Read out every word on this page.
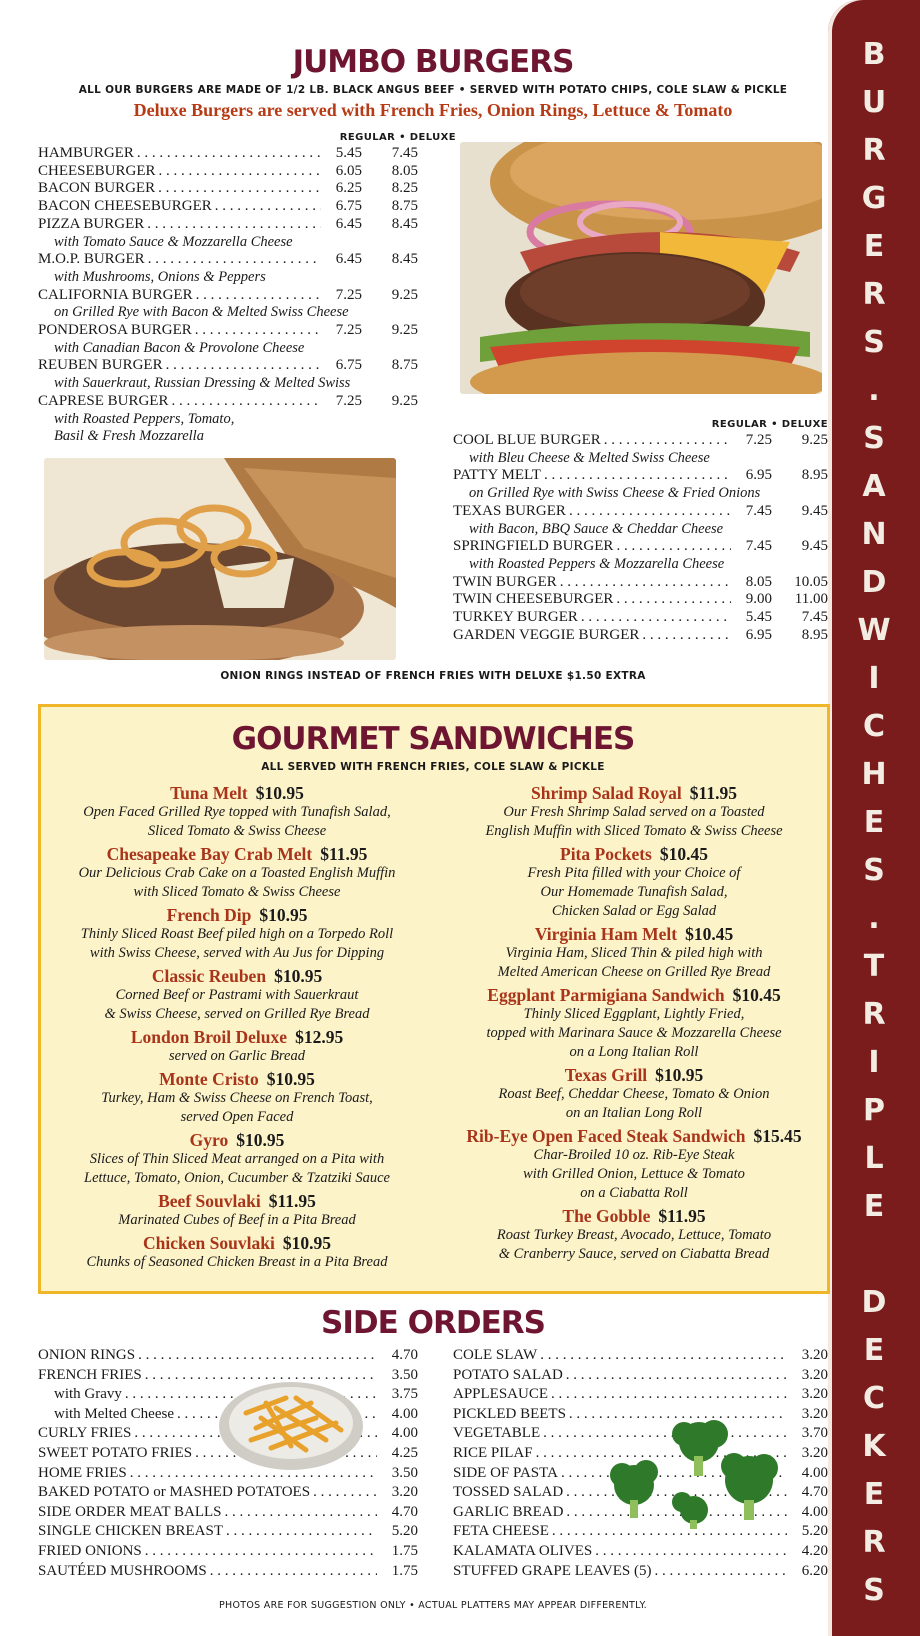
B
U
R
G
E
R
S
.
S
A
N
D
W
I
C
H
E
S
.
T
R
I
P
L
E

D
E
C
K
E
R
S
JUMBO BURGERS
ALL OUR BURGERS ARE MADE OF 1/2 LB. BLACK ANGUS BEEF • SERVED WITH POTATO CHIPS, COLE SLAW & PICKLE
Deluxe Burgers are served with French Fries, Onion Rings, Lettuce & Tomato
REGULAR • DELUXE
HAMBURGER . . .	5.45	7.45
CHEESEBURGER . . .	6.05	8.05
BACON BURGER . . .	6.25	8.25
BACON CHEESEBURGER . . .	6.75	8.75
PIZZA BURGER . . .	6.45	8.45
with Tomato Sauce & Mozzarella Cheese
M.O.P. BURGER . . .	6.45	8.45
with Mushrooms, Onions & Peppers
CALIFORNIA BURGER . . .	7.25	9.25
on Grilled Rye with Bacon & Melted Swiss Cheese
PONDEROSA BURGER . . .	7.25	9.25
with Canadian Bacon & Provolone Cheese
REUBEN BURGER . . .	6.75	8.75
with Sauerkraut, Russian Dressing & Melted Swiss
CAPRESE BURGER . . .	7.25	9.25
with Roasted Peppers, Tomato,
Basil & Fresh Mozzarella
REGULAR • DELUXE
COOL BLUE BURGER . . .	7.25	9.25
with Bleu Cheese & Melted Swiss Cheese
PATTY MELT . . .	6.95	8.95
on Grilled Rye with Swiss Cheese & Fried Onions
TEXAS BURGER . . .	7.45	9.45
with Bacon, BBQ Sauce & Cheddar Cheese
SPRINGFIELD BURGER . . .	7.45	9.45
with Roasted Peppers & Mozzarella Cheese
TWIN BURGER . . .	8.05	10.05
TWIN CHEESEBURGER . . .	9.00	11.00
TURKEY BURGER . . .	5.45	7.45
GARDEN VEGGIE BURGER . . .	6.95	8.95
ONION RINGS INSTEAD OF FRENCH FRIES WITH DELUXE $1.50 EXTRA
GOURMET SANDWICHES
ALL SERVED WITH FRENCH FRIES, COLE SLAW & PICKLE
Tuna Melt $10.95
Open Faced Grilled Rye topped with Tunafish Salad,
Sliced Tomato & Swiss Cheese
Chesapeake Bay Crab Melt $11.95
Our Delicious Crab Cake on a Toasted English Muffin
with Sliced Tomato & Swiss Cheese
French Dip $10.95
Thinly Sliced Roast Beef piled high on a Torpedo Roll
with Swiss Cheese, served with Au Jus for Dipping
Classic Reuben $10.95
Corned Beef or Pastrami with Sauerkraut
& Swiss Cheese, served on Grilled Rye Bread
London Broil Deluxe $12.95
served on Garlic Bread
Monte Cristo $10.95
Turkey, Ham & Swiss Cheese on French Toast,
served Open Faced
Gyro $10.95
Slices of Thin Sliced Meat arranged on a Pita with
Lettuce, Tomato, Onion, Cucumber & Tzatziki Sauce
Beef Souvlaki $11.95
Marinated Cubes of Beef in a Pita Bread
Chicken Souvlaki $10.95
Chunks of Seasoned Chicken Breast in a Pita Bread
Shrimp Salad Royal $11.95
Our Fresh Shrimp Salad served on a Toasted
English Muffin with Sliced Tomato & Swiss Cheese
Pita Pockets $10.45
Fresh Pita filled with your Choice of
Our Homemade Tunafish Salad,
Chicken Salad or Egg Salad
Virginia Ham Melt $10.45
Virginia Ham, Sliced Thin & piled high with
Melted American Cheese on Grilled Rye Bread
Eggplant Parmigiana Sandwich $10.45
Thinly Sliced Eggplant, Lightly Fried,
topped with Marinara Sauce & Mozzarella Cheese
on a Long Italian Roll
Texas Grill $10.95
Roast Beef, Cheddar Cheese, Tomato & Onion
on an Italian Long Roll
Rib-Eye Open Faced Steak Sandwich $15.45
Char-Broiled 10 oz. Rib-Eye Steak
with Grilled Onion, Lettuce & Tomato
on a Ciabatta Roll
The Gobble $11.95
Roast Turkey Breast, Avocado, Lettuce, Tomato
& Cranberry Sauce, served on Ciabatta Bread
SIDE ORDERS
ONION RINGS . . .	4.70
FRENCH FRIES . . .	3.50
with Gravy . . .	3.75
with Melted Cheese . . .	4.00
CURLY FRIES . . .	4.00
SWEET POTATO FRIES . . .	4.25
HOME FRIES . . .	3.50
BAKED POTATO or MASHED POTATOES . . .	3.20
SIDE ORDER MEAT BALLS . . .	4.70
SINGLE CHICKEN BREAST . . .	5.20
FRIED ONIONS . . .	1.75
SAUTÉED MUSHROOMS . . .	1.75
COLE SLAW . . .	3.20
POTATO SALAD . . .	3.20
APPLESAUCE . . .	3.20
PICKLED BEETS . . .	3.20
VEGETABLE . . .	3.70
RICE PILAF . . .	3.20
SIDE OF PASTA . . .	4.00
TOSSED SALAD . . .	4.70
GARLIC BREAD . . .	4.00
FETA CHEESE . . .	5.20
KALAMATA OLIVES . . .	4.20
STUFFED GRAPE LEAVES (5) . . .	6.20
PHOTOS ARE FOR SUGGESTION ONLY • ACTUAL PLATTERS MAY APPEAR DIFFERENTLY.
